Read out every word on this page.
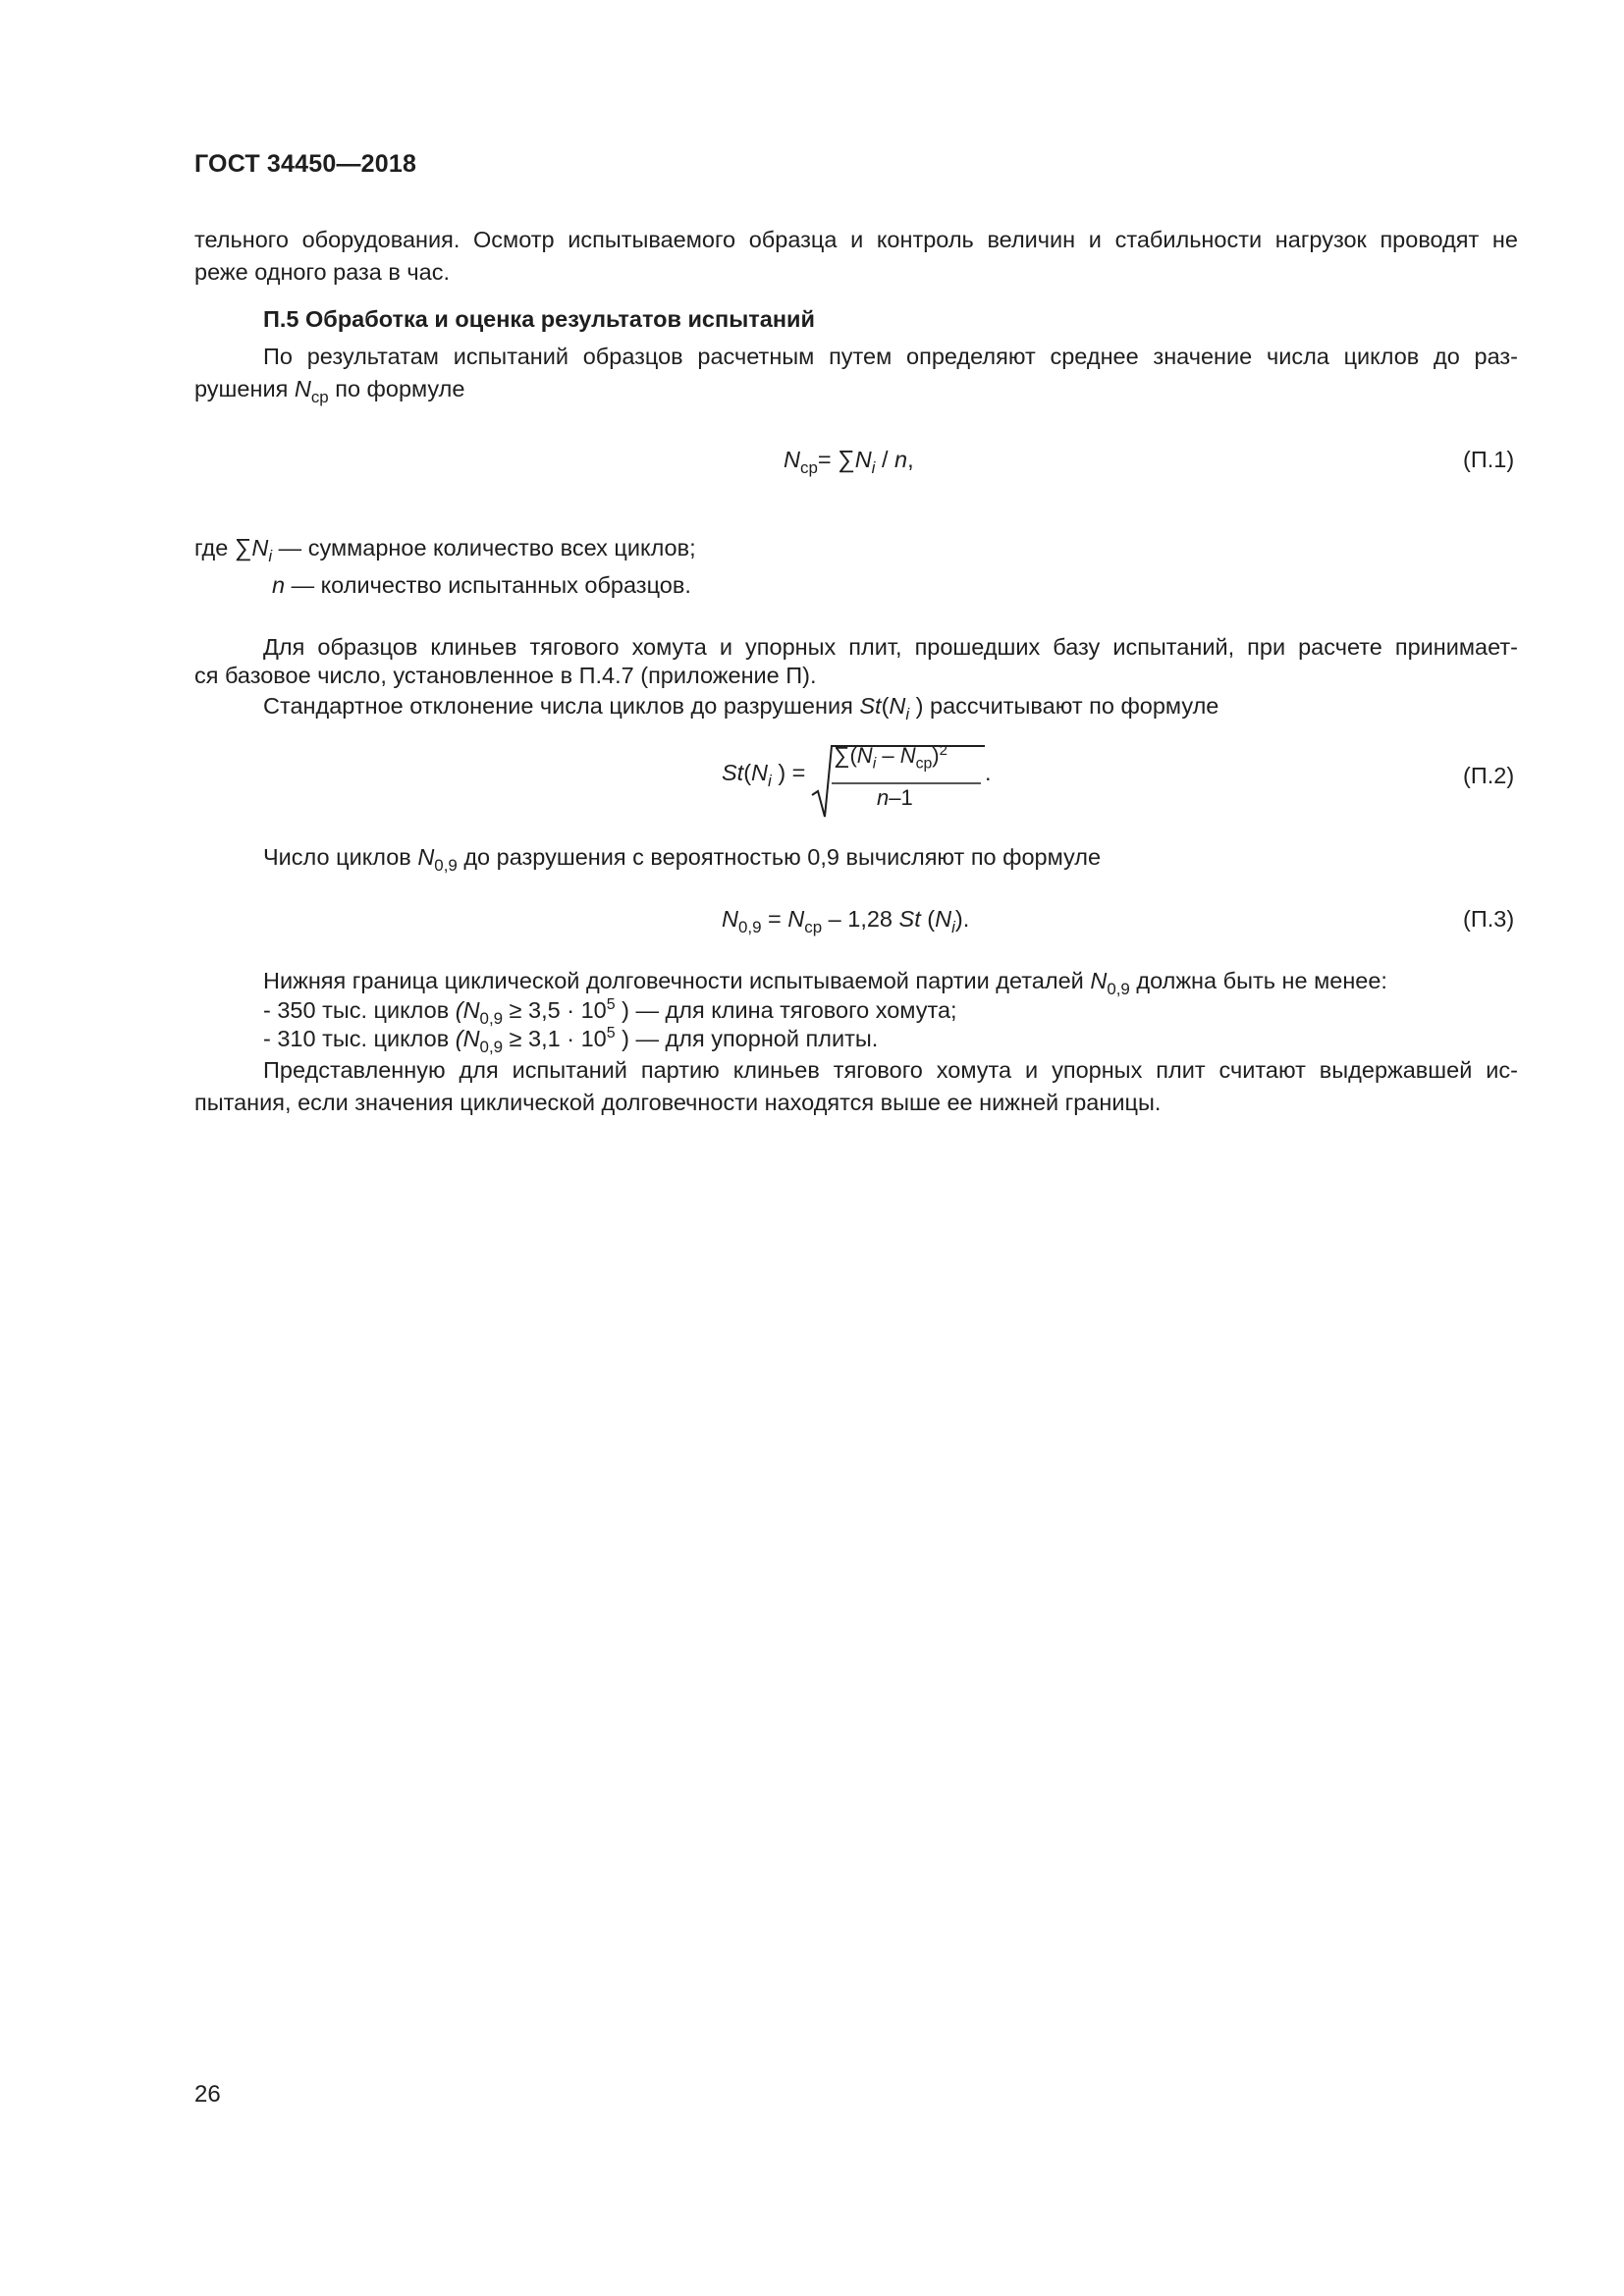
ГОСТ 34450—2018
тельного оборудования. Осмотр испытываемого образца и контроль величин и стабильности нагрузок проводят не
реже одного раза в час.
П.5 Обработка и оценка результатов испытаний
По результатам испытаний образцов расчетным путем определяют среднее значение числа циклов до раз-
рушения $N_{ср}$ по формуле
$N_{ср}= \sum N_i / n$,	(П.1)
где $\sum N_i$ — суммарное количество всех циклов;
n — количество испытанных образцов.
Для образцов клиньев тягового хомута и упорных плит, прошедших базу испытаний, при расчете принимает-
ся базовое число, установленное в П.4.7 (приложение П).
Стандартное отклонение числа циклов до разрушения $St(N_i$ ) рассчитывают по формуле
$St(N_i$ ) =
$\sum(N_i - N_{ср})^2$
n–1
.	(П.2)
Число циклов $N_{0,9}$ до разрушения с вероятностью 0,9 вычисляют по формуле
$N_{0,9} = N_{ср} - 1,28$ St $(N_i)$.	(П.3)
Нижняя граница циклической долговечности испытываемой партии деталей $N_{0,9}$ должна быть не менее:
- 350 тыс. циклов ($N_{0,9} \ge 3,5 \cdot 10^5$ ) — для клина тягового хомута;
- 310 тыс. циклов ($N_{0,9} \ge 3,1 \cdot 10^5$ ) — для упорной плиты.
Представленную для испытаний партию клиньев тягового хомута и упорных плит считают выдержавшей ис-
пытания, если значения циклической долговечности находятся выше ее нижней границы.
26
